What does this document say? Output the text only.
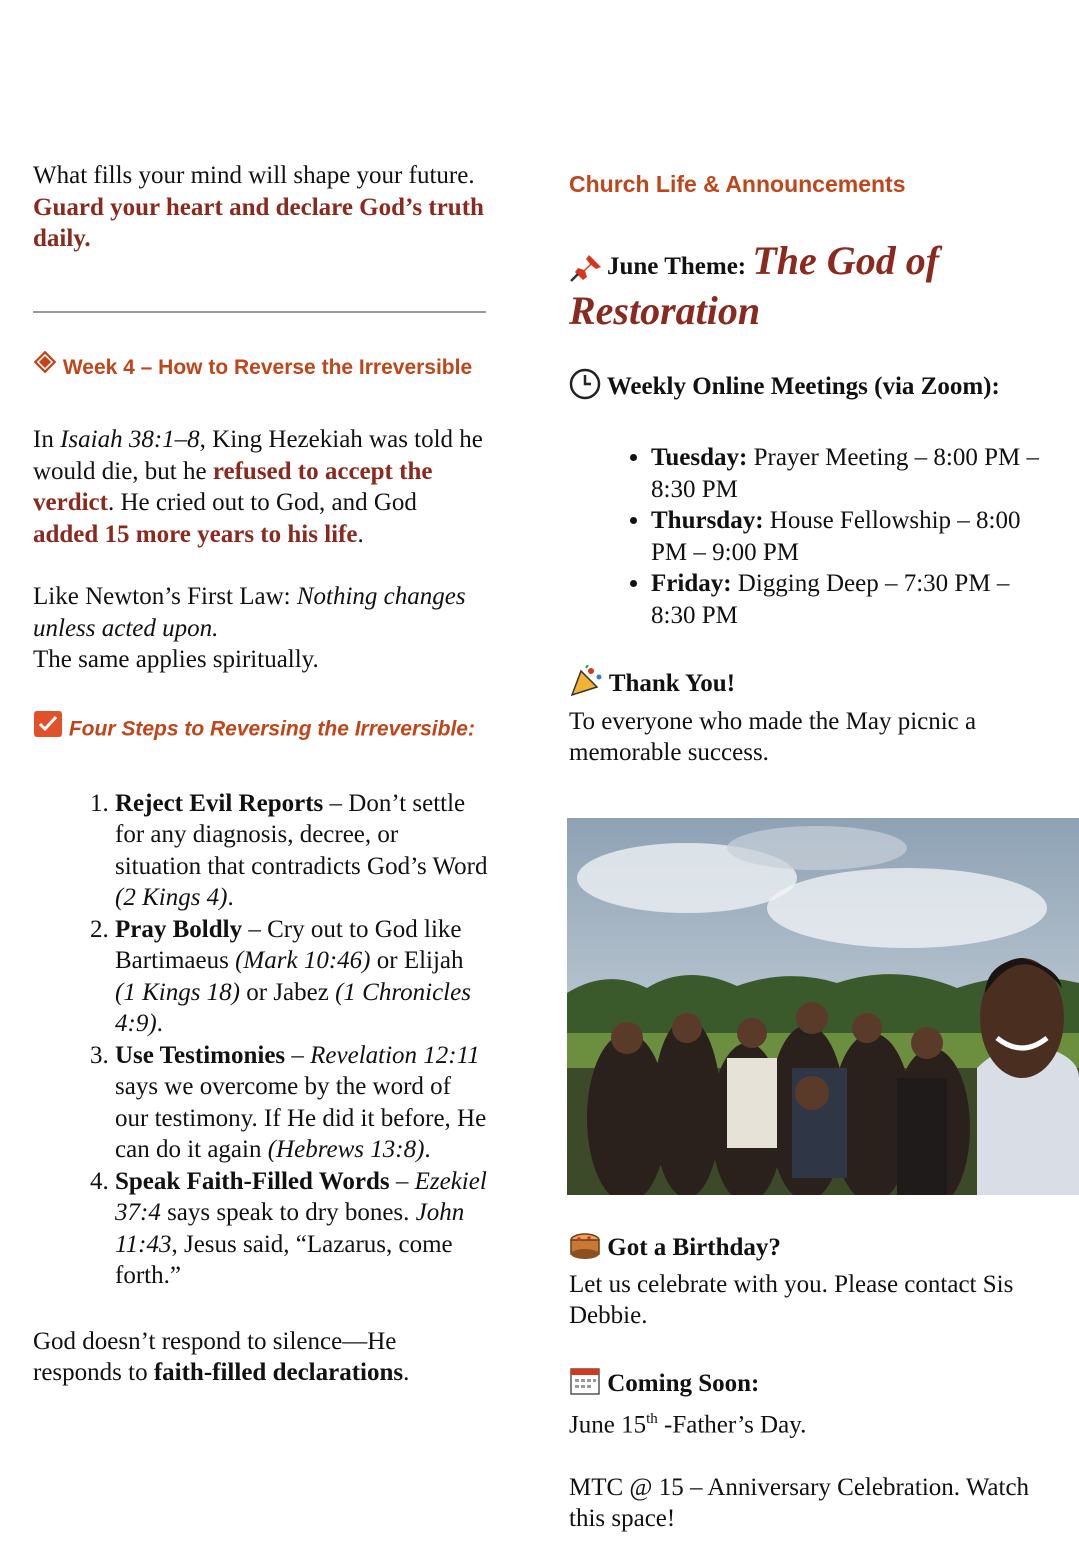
What fills your mind will shape your future. Guard your heart and declare God’s truth daily.

Week 4 – How to Reverse the Irreversible

In Isaiah 38:1–8, King Hezekiah was told he would die, but he refused to accept the verdict. He cried out to God, and God added 15 more years to his life.

Like Newton’s First Law: Nothing changes unless acted upon.
The same applies spiritually.

Four Steps to Reversing the Irreversible:
1. Reject Evil Reports – Don’t settle for any diagnosis, decree, or situation that contradicts God’s Word (2 Kings 4).
2. Pray Boldly – Cry out to God like Bartimaeus (Mark 10:46) or Elijah (1 Kings 18) or Jabez (1 Chronicles 4:9).
3. Use Testimonies – Revelation 12:11 says we overcome by the word of our testimony. If He did it before, He can do it again (Hebrews 13:8).
4. Speak Faith-Filled Words – Ezekiel 37:4 says speak to dry bones. John 11:43, Jesus said, “Lazarus, come forth.”

God doesn’t respond to silence—He responds to faith-filled declarations.

Church Life & Announcements
June Theme: The God of Restoration

Weekly Online Meetings (via Zoom):

• Tuesday: Prayer Meeting – 8:00 PM – 8:30 PM
• Thursday: House Fellowship – 8:00 PM – 9:00 PM
• Friday: Digging Deep – 7:30 PM – 8:30 PM

Thank You!

To everyone who made the May picnic a memorable success.

Got a Birthday?

Let us celebrate with you. Please contact Sis Debbie.

Coming Soon:

June 15th -Father’s Day.

MTC @ 15 – Anniversary Celebration. Watch this space!
